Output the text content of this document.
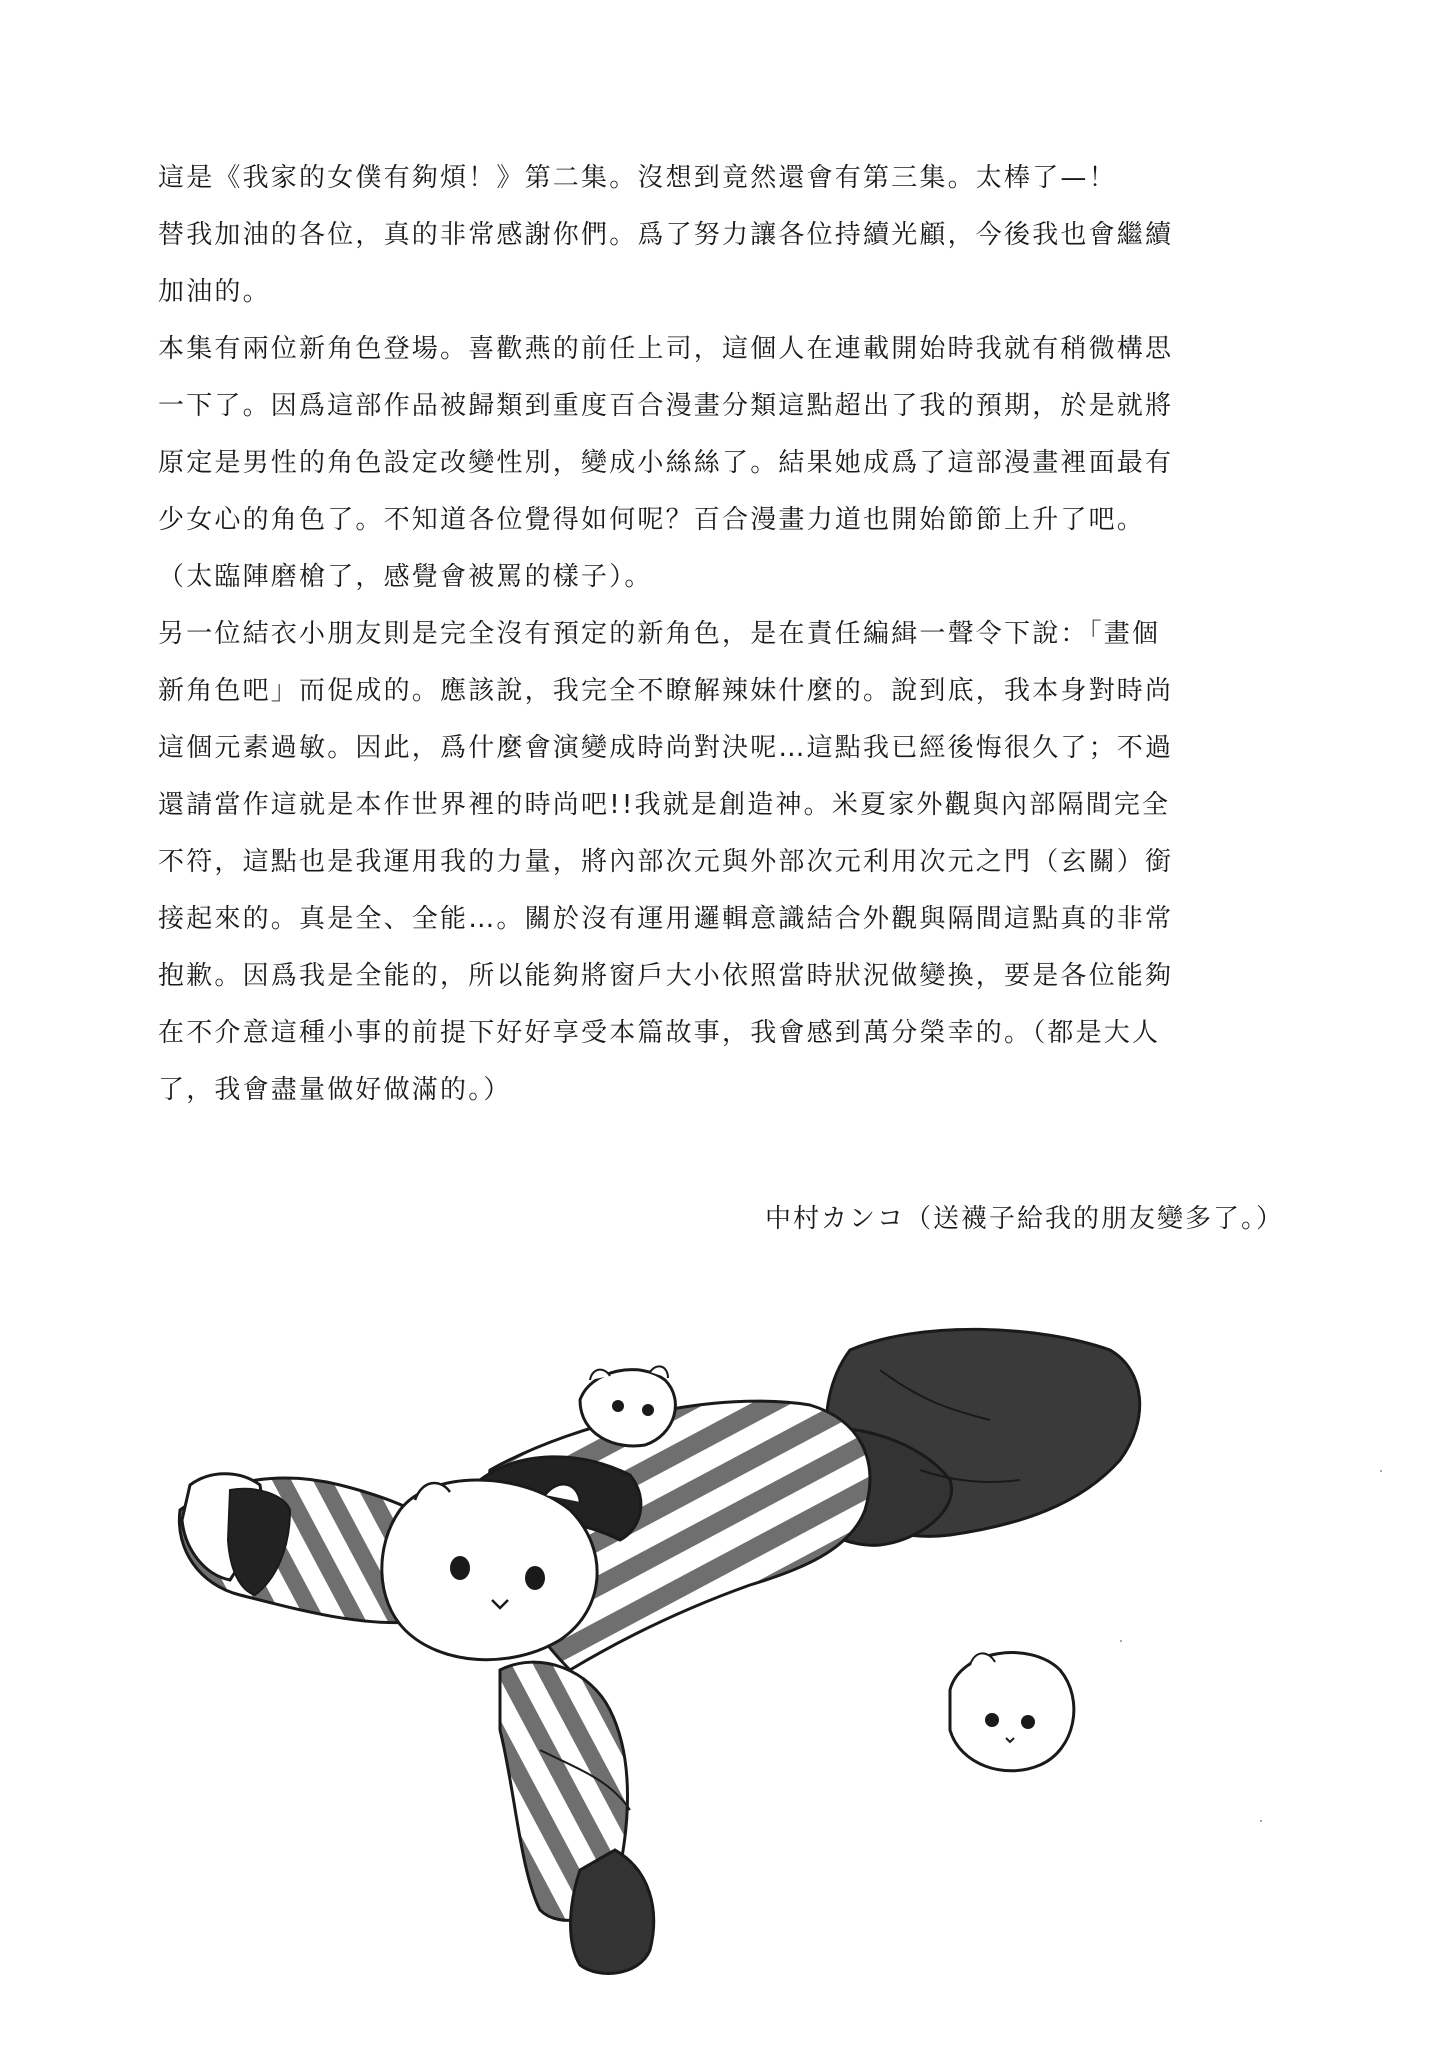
這是《我家的女僕有夠煩！》第二集。沒想到竟然還會有第三集。太棒了—！
替我加油的各位，真的非常感謝你們。爲了努力讓各位持續光顧，今後我也會繼續
加油的。
本集有兩位新角色登場。喜歡燕的前任上司，這個人在連載開始時我就有稍微構思
一下了。因爲這部作品被歸類到重度百合漫畫分類這點超出了我的預期，於是就將
原定是男性的角色設定改變性別，變成小絲絲了。結果她成爲了這部漫畫裡面最有
少女心的角色了。不知道各位覺得如何呢？百合漫畫力道也開始節節上升了吧。
（太臨陣磨槍了，感覺會被罵的樣子）。
另一位結衣小朋友則是完全沒有預定的新角色，是在責任編緝一聲令下說：「畫個
新角色吧」而促成的。應該說，我完全不瞭解辣妹什麼的。說到底，我本身對時尚
這個元素過敏。因此，爲什麼會演變成時尚對決呢…這點我已經後悔很久了；不過
還請當作這就是本作世界裡的時尚吧!!我就是創造神。米夏家外觀與內部隔間完全
不符，這點也是我運用我的力量，將內部次元與外部次元利用次元之門（玄關）銜
接起來的。真是全、全能…。關於沒有運用邏輯意識結合外觀與隔間這點真的非常
抱歉。因爲我是全能的，所以能夠將窗戶大小依照當時狀況做變換，要是各位能夠
在不介意這種小事的前提下好好享受本篇故事，我會感到萬分榮幸的。（都是大人
了，我會盡量做好做滿的。）
中村カンコ（送襪子給我的朋友變多了。）
